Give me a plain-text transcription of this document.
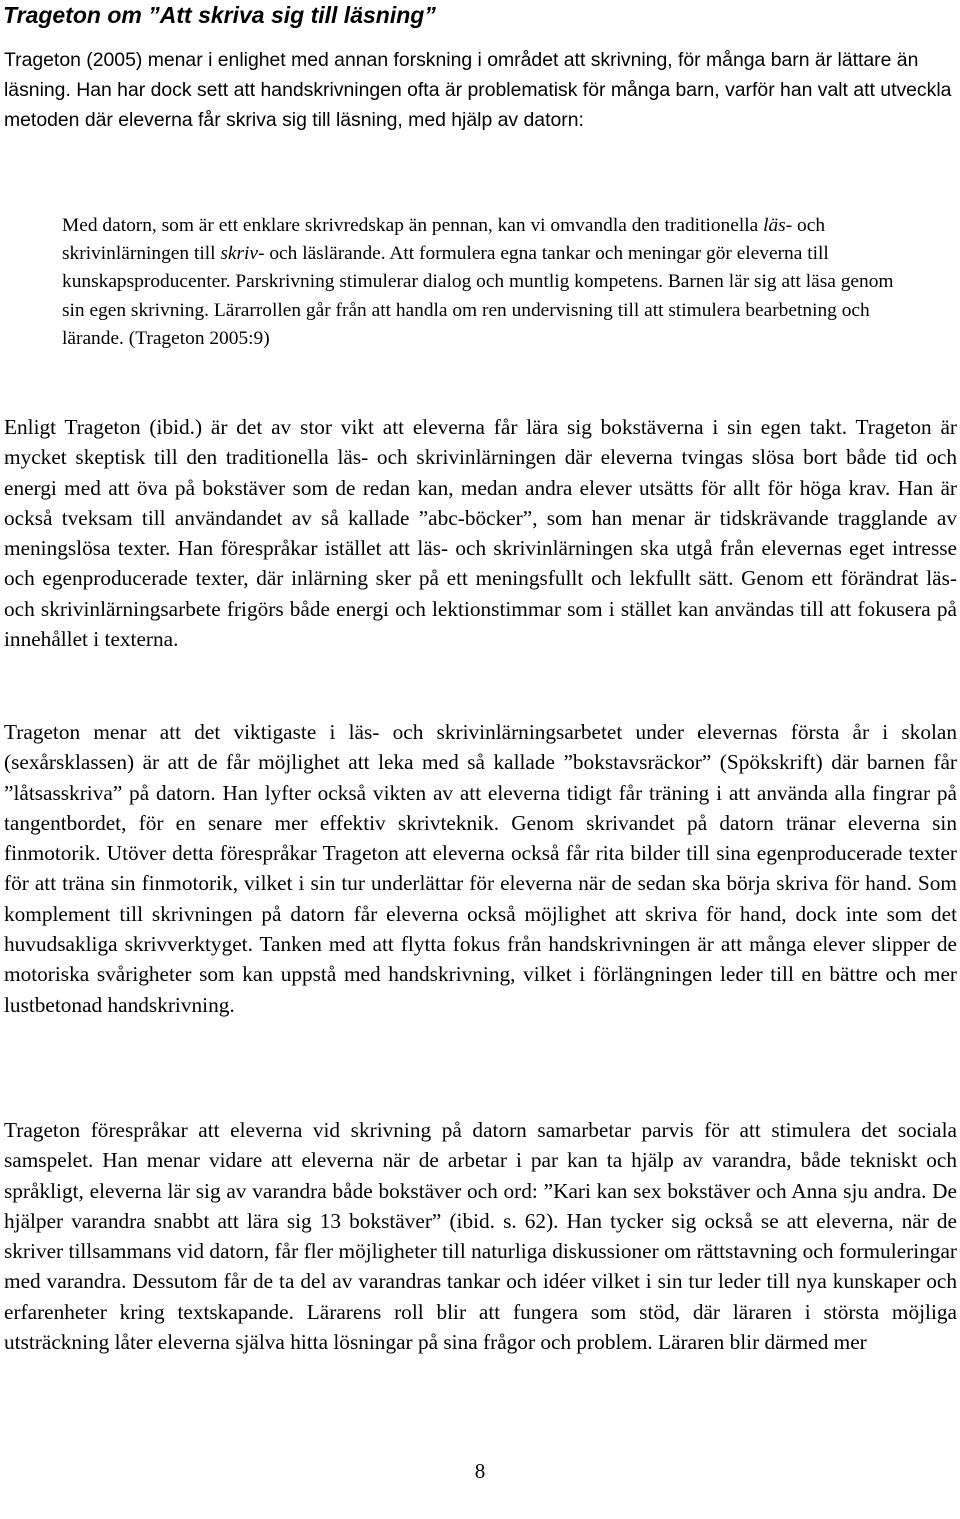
Trageton om ”Att skriva sig till läsning”

Trageton (2005) menar i enlighet med annan forskning i området att skrivning, för många barn är lättare än läsning. Han har dock sett att handskrivningen ofta är problematisk för många barn, varför han valt att utveckla metoden där eleverna får skriva sig till läsning, med hjälp av datorn:

Med datorn, som är ett enklare skrivredskap än pennan, kan vi omvandla den traditionella läs- och skrivinlärningen till skriv- och läslärande. Att formulera egna tankar och meningar gör eleverna till kunskapsproducenter. Parskrivning stimulerar dialog och muntlig kompetens. Barnen lär sig att läsa genom sin egen skrivning. Lärarrollen går från att handla om ren undervisning till att stimulera bearbetning och lärande. (Trageton 2005:9)

Enligt Trageton (ibid.) är det av stor vikt att eleverna får lära sig bokstäverna i sin egen takt. Trageton är mycket skeptisk till den traditionella läs- och skrivinlärningen där eleverna tvingas slösa bort både tid och energi med att öva på bokstäver som de redan kan, medan andra elever utsätts för allt för höga krav. Han är också tveksam till användandet av så kallade ”abc-böcker”, som han menar är tidskrävande tragglande av meningslösa texter. Han förespråkar istället att läs- och skrivinlärningen ska utgå från elevernas eget intresse och egenproducerade texter, där inlärning sker på ett meningsfullt och lekfullt sätt. Genom ett förändrat läs- och skrivinlärningsarbete frigörs både energi och lektionstimmar som i stället kan användas till att fokusera på innehållet i texterna.

Trageton menar att det viktigaste i läs- och skrivinlärningsarbetet under elevernas första år i skolan (sexårsklassen) är att de får möjlighet att leka med så kallade ”bokstavsräckor” (Spökskrift) där barnen får ”låtsasskriva” på datorn. Han lyfter också vikten av att eleverna tidigt får träning i att använda alla fingrar på tangentbordet, för en senare mer effektiv skrivteknik. Genom skrivandet på datorn tränar eleverna sin finmotorik. Utöver detta förespråkar Trageton att eleverna också får rita bilder till sina egenproducerade texter för att träna sin finmotorik, vilket i sin tur underlättar för eleverna när de sedan ska börja skriva för hand. Som komplement till skrivningen på datorn får eleverna också möjlighet att skriva för hand, dock inte som det huvudsakliga skrivverktyget. Tanken med att flytta fokus från handskrivningen är att många elever slipper de motoriska svårigheter som kan uppstå med handskrivning, vilket i förlängningen leder till en bättre och mer lustbetonad handskrivning.

Trageton förespråkar att eleverna vid skrivning på datorn samarbetar parvis för att stimulera det sociala samspelet. Han menar vidare att eleverna när de arbetar i par kan ta hjälp av varandra, både tekniskt och språkligt, eleverna lär sig av varandra både bokstäver och ord: ”Kari kan sex bokstäver och Anna sju andra. De hjälper varandra snabbt att lära sig 13 bokstäver” (ibid. s. 62). Han tycker sig också se att eleverna, när de skriver tillsammans vid datorn, får fler möjligheter till naturliga diskussioner om rättstavning och formuleringar med varandra. Dessutom får de ta del av varandras tankar och idéer vilket i sin tur leder till nya kunskaper och erfarenheter kring textskapande. Lärarens roll blir att fungera som stöd, där läraren i största möjliga utsträckning låter eleverna själva hitta lösningar på sina frågor och problem. Läraren blir därmed mer

8
